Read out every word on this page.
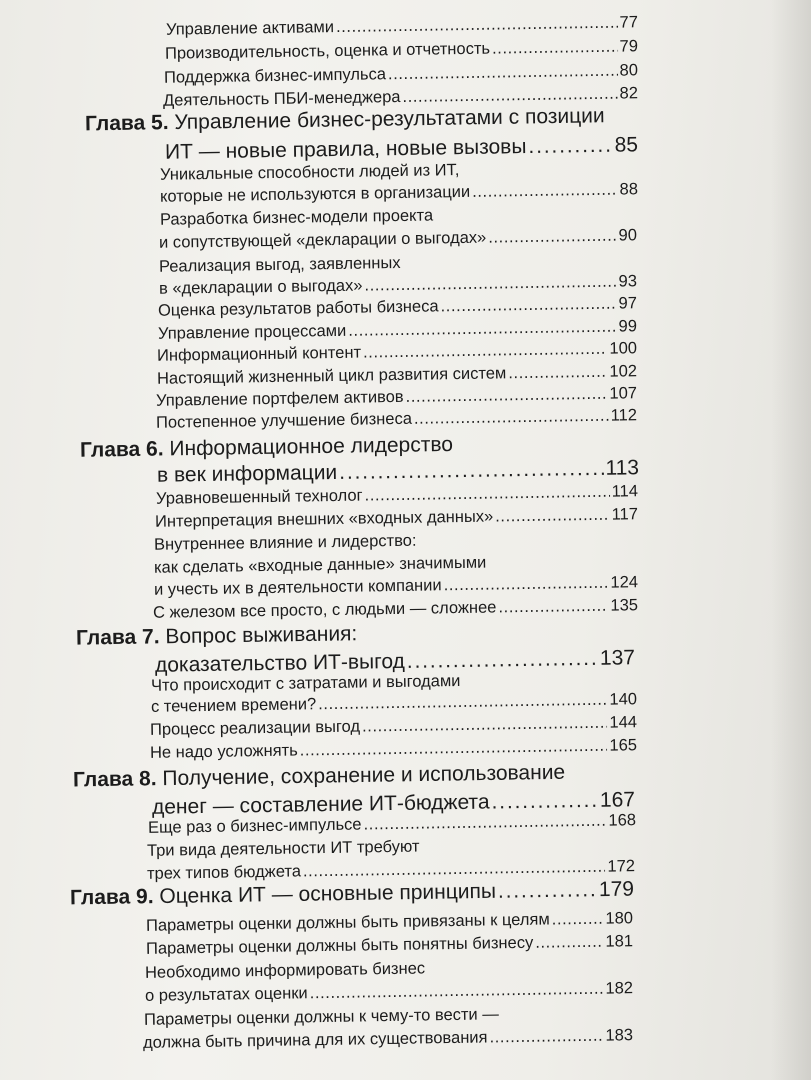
Управление активами . . .	77
Производительность, оценка и отчетность . . .	79
Поддержка бизнес-импульса . . .	80
Деятельность ПБИ-менеджера . . .	82
Глава 5.
Управление бизнес-результатами с позиции
ИТ — новые правила, новые вызовы . . .	85
Уникальные способности людей из ИТ,
которые не используются в организации . . .	88
Разработка бизнес-модели проекта
и сопутствующей «декларации о выгодах» . . .	90
Реализация выгод, заявленных
в «декларации о выгодах» . . .	93
Оценка результатов работы бизнеса . . .	97
Управление процессами . . .	99
Информационный контент . . .	100
Настоящий жизненный цикл развития систем . . .	102
Управление портфелем активов . . .	107
Постепенное улучшение бизнеса . . .	112
Глава 6.
Информационное лидерство
в век информации . . .	113
Уравновешенный технолог . . .	114
Интерпретация внешних «входных данных» . . .	117
Внутреннее влияние и лидерство:
как сделать «входные данные» значимыми
и учесть их в деятельности компании . . .	124
С железом все просто, с людьми — сложнее . . .	135
Глава 7.
Вопрос выживания:
доказательство ИТ-выгод . . .	137
Что происходит с затратами и выгодами
с течением времени? . . .	140
Процесс реализации выгод . . .	144
Не надо усложнять . . .	165
Глава 8.
Получение, сохранение и использование
денег — составление ИТ-бюджета . . .	167
Еще раз о бизнес-импульсе . . .	168
Три вида деятельности ИТ требуют
трех типов бюджета . . .	172
Глава 9.
Оценка ИТ — основные принципы . . .	179
Параметры оценки должны быть привязаны к целям . . .	180
Параметры оценки должны быть понятны бизнесу . . .	181
Необходимо информировать бизнес
о результатах оценки . . .	182
Параметры оценки должны к чему-то вести —
должна быть причина для их существования . . .	183
